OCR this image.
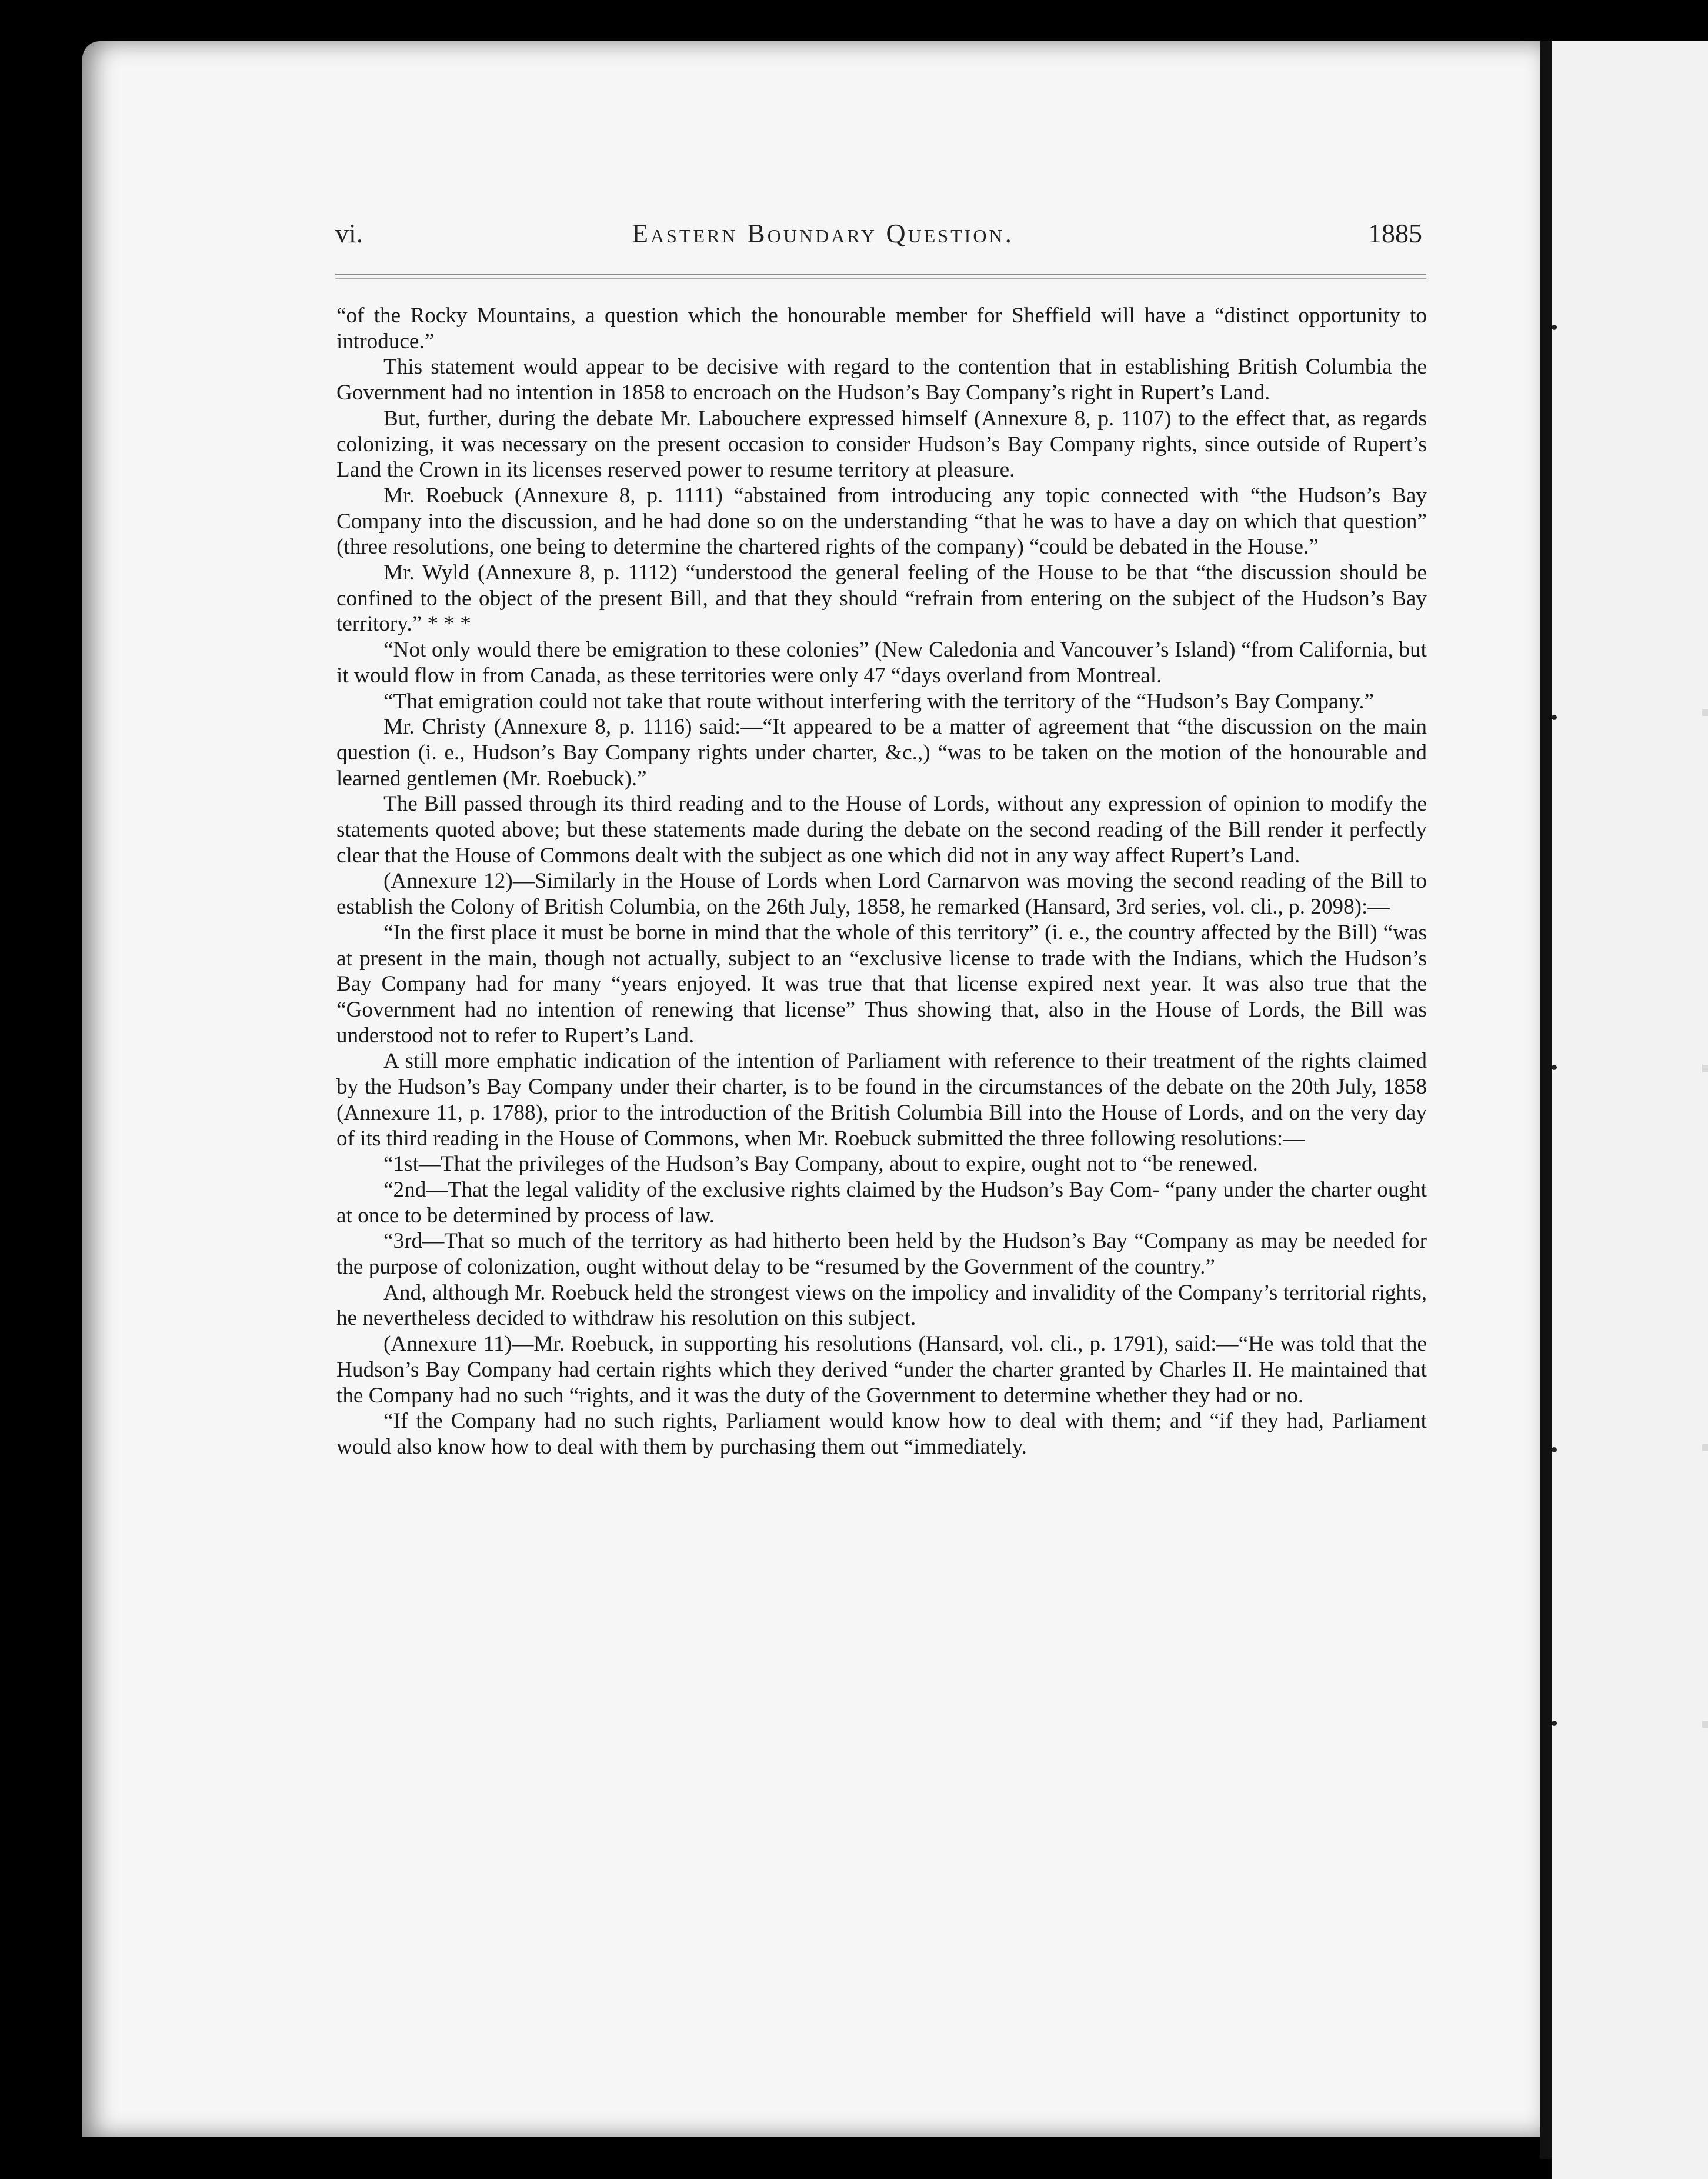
vi.	Eastern Boundary Question.	1885

“of the Rocky Mountains, a question which the honourable member for Sheffield will have a “distinct opportunity to introduce.”

This statement would appear to be decisive with regard to the contention that in establishing British Columbia the Government had no intention in 1858 to encroach on the Hudson’s Bay Company’s right in Rupert’s Land.

But, further, during the debate Mr. Labouchere expressed himself (Annexure 8, p. 1107) to the effect that, as regards colonizing, it was necessary on the present occasion to consider Hudson’s Bay Company rights, since outside of Rupert’s Land the Crown in its licenses reserved power to resume territory at pleasure.

Mr. Roebuck (Annexure 8, p. 1111) “abstained from introducing any topic connected with “the Hudson’s Bay Company into the discussion, and he had done so on the understanding “that he was to have a day on which that question” (three resolutions, one being to determine the chartered rights of the company) “could be debated in the House.”

Mr. Wyld (Annexure 8, p. 1112) “understood the general feeling of the House to be that “the discussion should be confined to the object of the present Bill, and that they should “refrain from entering on the subject of the Hudson’s Bay territory.” * * *

“Not only would there be emigration to these colonies” (New Caledonia and Vancouver’s Island) “from California, but it would flow in from Canada, as these territories were only 47 “days overland from Montreal.

“That emigration could not take that route without interfering with the territory of the “Hudson’s Bay Company.”

Mr. Christy (Annexure 8, p. 1116) said:—“It appeared to be a matter of agreement that “the discussion on the main question (i. e., Hudson’s Bay Company rights under charter, &c.,) “was to be taken on the motion of the honourable and learned gentlemen (Mr. Roebuck).”

The Bill passed through its third reading and to the House of Lords, without any expression of opinion to modify the statements quoted above; but these statements made during the debate on the second reading of the Bill render it perfectly clear that the House of Commons dealt with the subject as one which did not in any way affect Rupert’s Land.

(Annexure 12)—Similarly in the House of Lords when Lord Carnarvon was moving the second reading of the Bill to establish the Colony of British Columbia, on the 26th July, 1858, he remarked (Hansard, 3rd series, vol. cli., p. 2098):—

“In the first place it must be borne in mind that the whole of this territory” (i. e., the country affected by the Bill) “was at present in the main, though not actually, subject to an “exclusive license to trade with the Indians, which the Hudson’s Bay Company had for many “years enjoyed. It was true that that license expired next year. It was also true that the “Government had no intention of renewing that license” Thus showing that, also in the House of Lords, the Bill was understood not to refer to Rupert’s Land.

A still more emphatic indication of the intention of Parliament with reference to their treatment of the rights claimed by the Hudson’s Bay Company under their charter, is to be found in the circumstances of the debate on the 20th July, 1858 (Annexure 11, p. 1788), prior to the introduction of the British Columbia Bill into the House of Lords, and on the very day of its third reading in the House of Commons, when Mr. Roebuck submitted the three following resolutions:—

“1st—That the privileges of the Hudson’s Bay Company, about to expire, ought not to “be renewed.

“2nd—That the legal validity of the exclusive rights claimed by the Hudson’s Bay Com- “pany under the charter ought at once to be determined by process of law.

“3rd—That so much of the territory as had hitherto been held by the Hudson’s Bay “Company as may be needed for the purpose of colonization, ought without delay to be “resumed by the Government of the country.”

And, although Mr. Roebuck held the strongest views on the impolicy and invalidity of the Company’s territorial rights, he nevertheless decided to withdraw his resolution on this subject.

(Annexure 11)—Mr. Roebuck, in supporting his resolutions (Hansard, vol. cli., p. 1791), said:—“He was told that the Hudson’s Bay Company had certain rights which they derived “under the charter granted by Charles II. He maintained that the Company had no such “rights, and it was the duty of the Government to determine whether they had or no.

“If the Company had no such rights, Parliament would know how to deal with them; and “if they had, Parliament would also know how to deal with them by purchasing them out “immediately.
